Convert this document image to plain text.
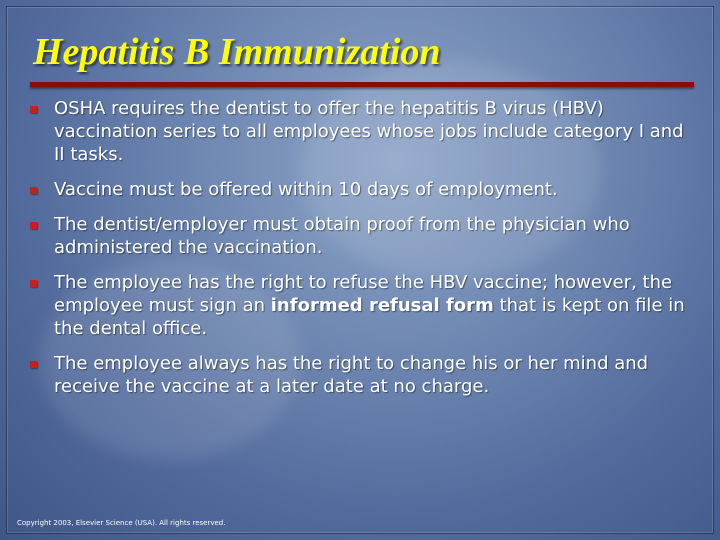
Hepatitis B Immunization
OSHA requires the dentist to offer the hepatitis B virus (HBV) vaccination series to all employees whose jobs include category I and II tasks.
Vaccine must be offered within 10 days of employment.
The dentist/employer must obtain proof from the physician who administered the vaccination.
The employee has the right to refuse the HBV vaccine; however, the employee must sign an informed refusal form that is kept on file in the dental office.
The employee always has the right to change his or her mind and receive the vaccine at a later date at no charge.
Copyright 2003, Elsevier Science (USA). All rights reserved.
